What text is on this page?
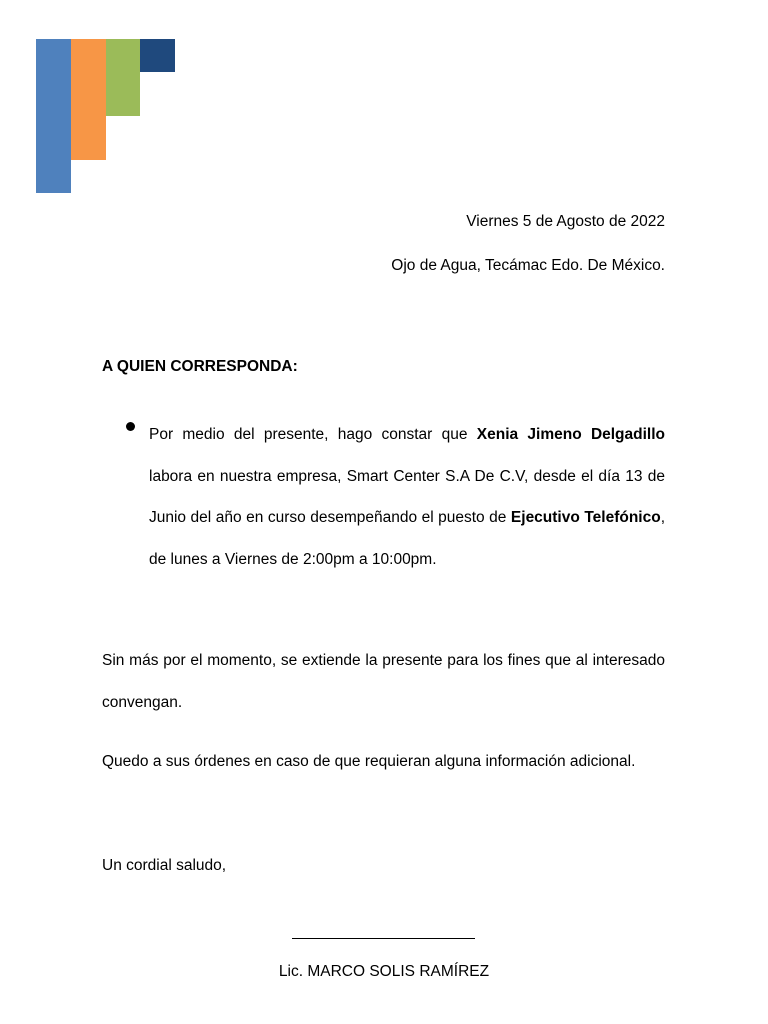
Viernes 5 de Agosto de 2022
Ojo de Agua, Tecámac Edo. De México.
A QUIEN CORRESPONDA:
Por medio del presente, hago constar que Xenia Jimeno Delgadillo labora en nuestra empresa, Smart Center S.A De C.V, desde el día 13 de Junio del año en curso desempeñando el puesto de Ejecutivo Telefónico, de lunes a Viernes de 2:00pm a 10:00pm.
Sin más por el momento, se extiende la presente para los fines que al interesado convengan.
Quedo a sus órdenes en caso de que requieran alguna información adicional.
Un cordial saludo,
Lic. MARCO SOLIS RAMÍREZ
